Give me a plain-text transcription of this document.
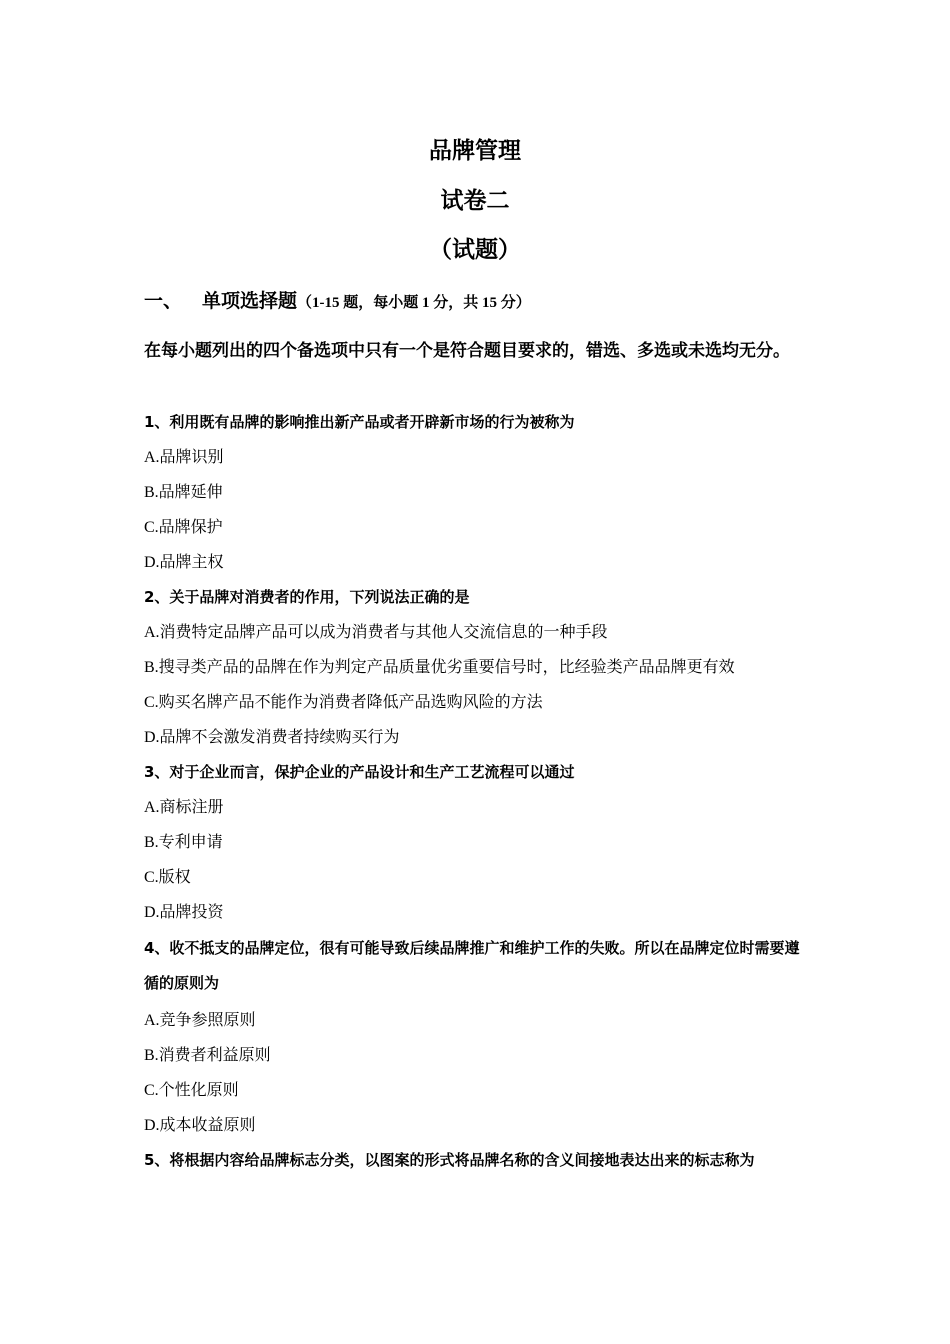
品牌管理
试卷二
（试题）
一、 单项选择题（1-15 题，每小题 1 分，共 15 分）

在每小题列出的四个备选项中只有一个是符合题目要求的，错选、多选或未选均无分。

1、利用既有品牌的影响推出新产品或者开辟新市场的行为被称为

A.品牌识别
B.品牌延伸
C.品牌保护
D.品牌主权

2、关于品牌对消费者的作用，下列说法正确的是

A.消费特定品牌产品可以成为消费者与其他人交流信息的一种手段
B.搜寻类产品的品牌在作为判定产品质量优劣重要信号时，比经验类产品品牌更有效
C.购买名牌产品不能作为消费者降低产品选购风险的方法
D.品牌不会激发消费者持续购买行为

3、对于企业而言，保护企业的产品设计和生产工艺流程可以通过

A.商标注册
B.专利申请
C.版权
D.品牌投资

4、收不抵支的品牌定位，很有可能导致后续品牌推广和维护工作的失败。所以在品牌定位时需要遵循的原则为

A.竞争参照原则
B.消费者利益原则
C.个性化原则
D.成本收益原则

5、将根据内容给品牌标志分类，以图案的形式将品牌名称的含义间接地表达出来的标志称为
